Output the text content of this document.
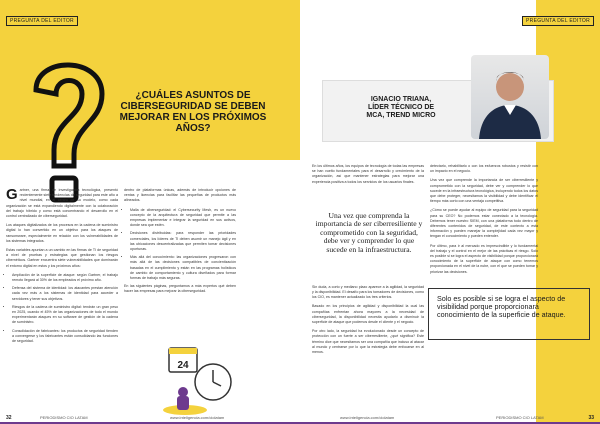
PREGUNTA DEL EDITOR
¿CUÁLES ASUNTOS DE CIBERSEGURIDAD SE DEBEN MEJORAR EN LOS PRÓXIMOS AÑOS?

Gartner, una firma de investigación tecnológica, presentó recientemente siete tendencias de seguridad para este año a nivel mundial, en el centro de su modelo, como cada organización se está expandiendo digitalmente con la colaboración del trabajo híbrido y como está concentrando el desarrollo en el control centralizado de ciberseguridad.

Los ataques digitalizados de los procesos en la cadena de suministro digital lo han convertido en un objetivo para los ataques de ransomware, especialmente en relación con los vulnerabilidades de los sistemas integrados.

Estas variables apuntan a un cambio en las firmas de TI de seguridad a nivel de pruebas y estrategias que gestionan los riesgos cibernéticos. Gartner encuentra siete vulnerabilidades que dominarán el entorno digital en estos y los próximos años:

• Ampliación de la superficie de ataque: según Gartner, el trabajo remoto llegará al 30% de los empleados el próximo año.
• Defensa del sistema de identidad: los atacantes prestan atención cada vez más a los sistemas de identidad para acceder a servidores y tener sus objetivos.
• Riesgos de la cadena de suministro digital: tendrán un gran peso en 2025, cuando el 45% de las organizaciones de todo el mundo experimentarán ataques en su software de gestión de la cadena de suministro.
• Consolidación de fabricantes: los productos de seguridad tienden a convergerse y los fabricantes están consolidando las funciones de seguridad.

dentro de plataformas únicas, además de introducir opciones de ventas y licencias para facilitar las pequeñas de productos más alineados.

• Malla de ciberseguridad: el Cybersecurity Mesh, es un nuevo concepto de la arquitectura de seguridad que permite a las empresas implementar e integrar la seguridad en sus activos, donde sea que estén.
• Decisiones distribuidas: para responder las prioridades comerciales, los líderes de TI deben asumir un manejo ágil y en las ubicaciones descentralizadas que permiten tomar decisiones oportunas.
• Más allá del conocimiento: las organizaciones progresaron con más allá de las decisiones compatibles de concientización basadas en el cumplimiento y están en las programas holísticos de cambio de comportamiento y cultura diseñados para formar formas de trabajo más seguras.

En las siguientes páginas, preguntamos a más expertos qué deben hacer las empresas para mejorar la ciberseguridad.

24
32	PERIODISMO CIO LATAM	www.inteligencia.com/ciolatam
PREGUNTA DEL EDITOR
IGNACIO TRIANA,
LÍDER TÉCNICO DE
MCA, TREND MICRO

En los últimos años, los equipos de tecnología de todas las empresas se han vuelto fundamentales para el desarrollo y crecimiento de la organización, así que mantener estrategias para mejorar una experiencia positiva a todos los servicios de los usuarios finales.

Sin duda, a corto y mediano plazo aparece a la agilidad, la seguridad y la disponibilidad. El desafío para los tomadores de decisiones, como los CIO, es mantener actualizado los tres criterios.

Basado en los principios de agilidad y disponibilidad la cual las compañías enfrentan ahora mayores a la necesidad de ciberseguridad, la disponibilidad necesita ayudarlo a disminuir la superficie de ataque que podemos desde el cliente y el negocio.

Por otro lado, la seguridad ha evolucionado desde un concepto de protección con un fuerte a ser ciberresiliente, ¿qué significa? Este término dice que necesitamos ser una compañía que incluso al atacar al mundo y centrarse por lo que la estrategia debe enfocarse en al menos.

Una vez que comprenda la importancia de ser ciberresiliente y comprometido con la seguridad, debe ver y comprender lo que sucede en la infraestructura.

detectarlo, rehabilitarlo o con los esfuerzos robustos y resistir con un impacto en el negocio.

Una vez que comprende la importancia de ser ciberresiliente y comprometido con la seguridad, debe ver y comprender lo que sucede en la infraestructura tecnológica, incluyendo todos los datos que debe proteger, necesitamos la visibilidad y debe identificar el tiempo más corto con una ventaja competitiva.

¿Cómo se puede ayudar al equipo de seguridad para la seguridad para su CEO? No podemos estar conectado a la tecnología. Debemos tener nuestro SIEM, con una plataforma todo dentro de diferentes contenidos de seguridad, de este contexto a esta información y pueden manejar la complejidad cada vez mayor y tengan el conocimiento y pueden entender.

Por último, para ir al mercado es imprescindible y lo fundamental del trabajo y el control en el mejor de las prácticas el riesgo. Solo es posible si se logra el aspecto de visibilidad porque proporcionará conocimiento de la superficie de ataque con como tenemos proporcionada en el nivel de la nube, con el que se pueden tomar y priorizar las decisiones.

Solo es posible si se logra el aspecto de visibilidad porque proporcionará conocimiento de la superficie de ataque.
www.inteligencia.com/ciolatam	PERIODISMO CIO LATAM	33
